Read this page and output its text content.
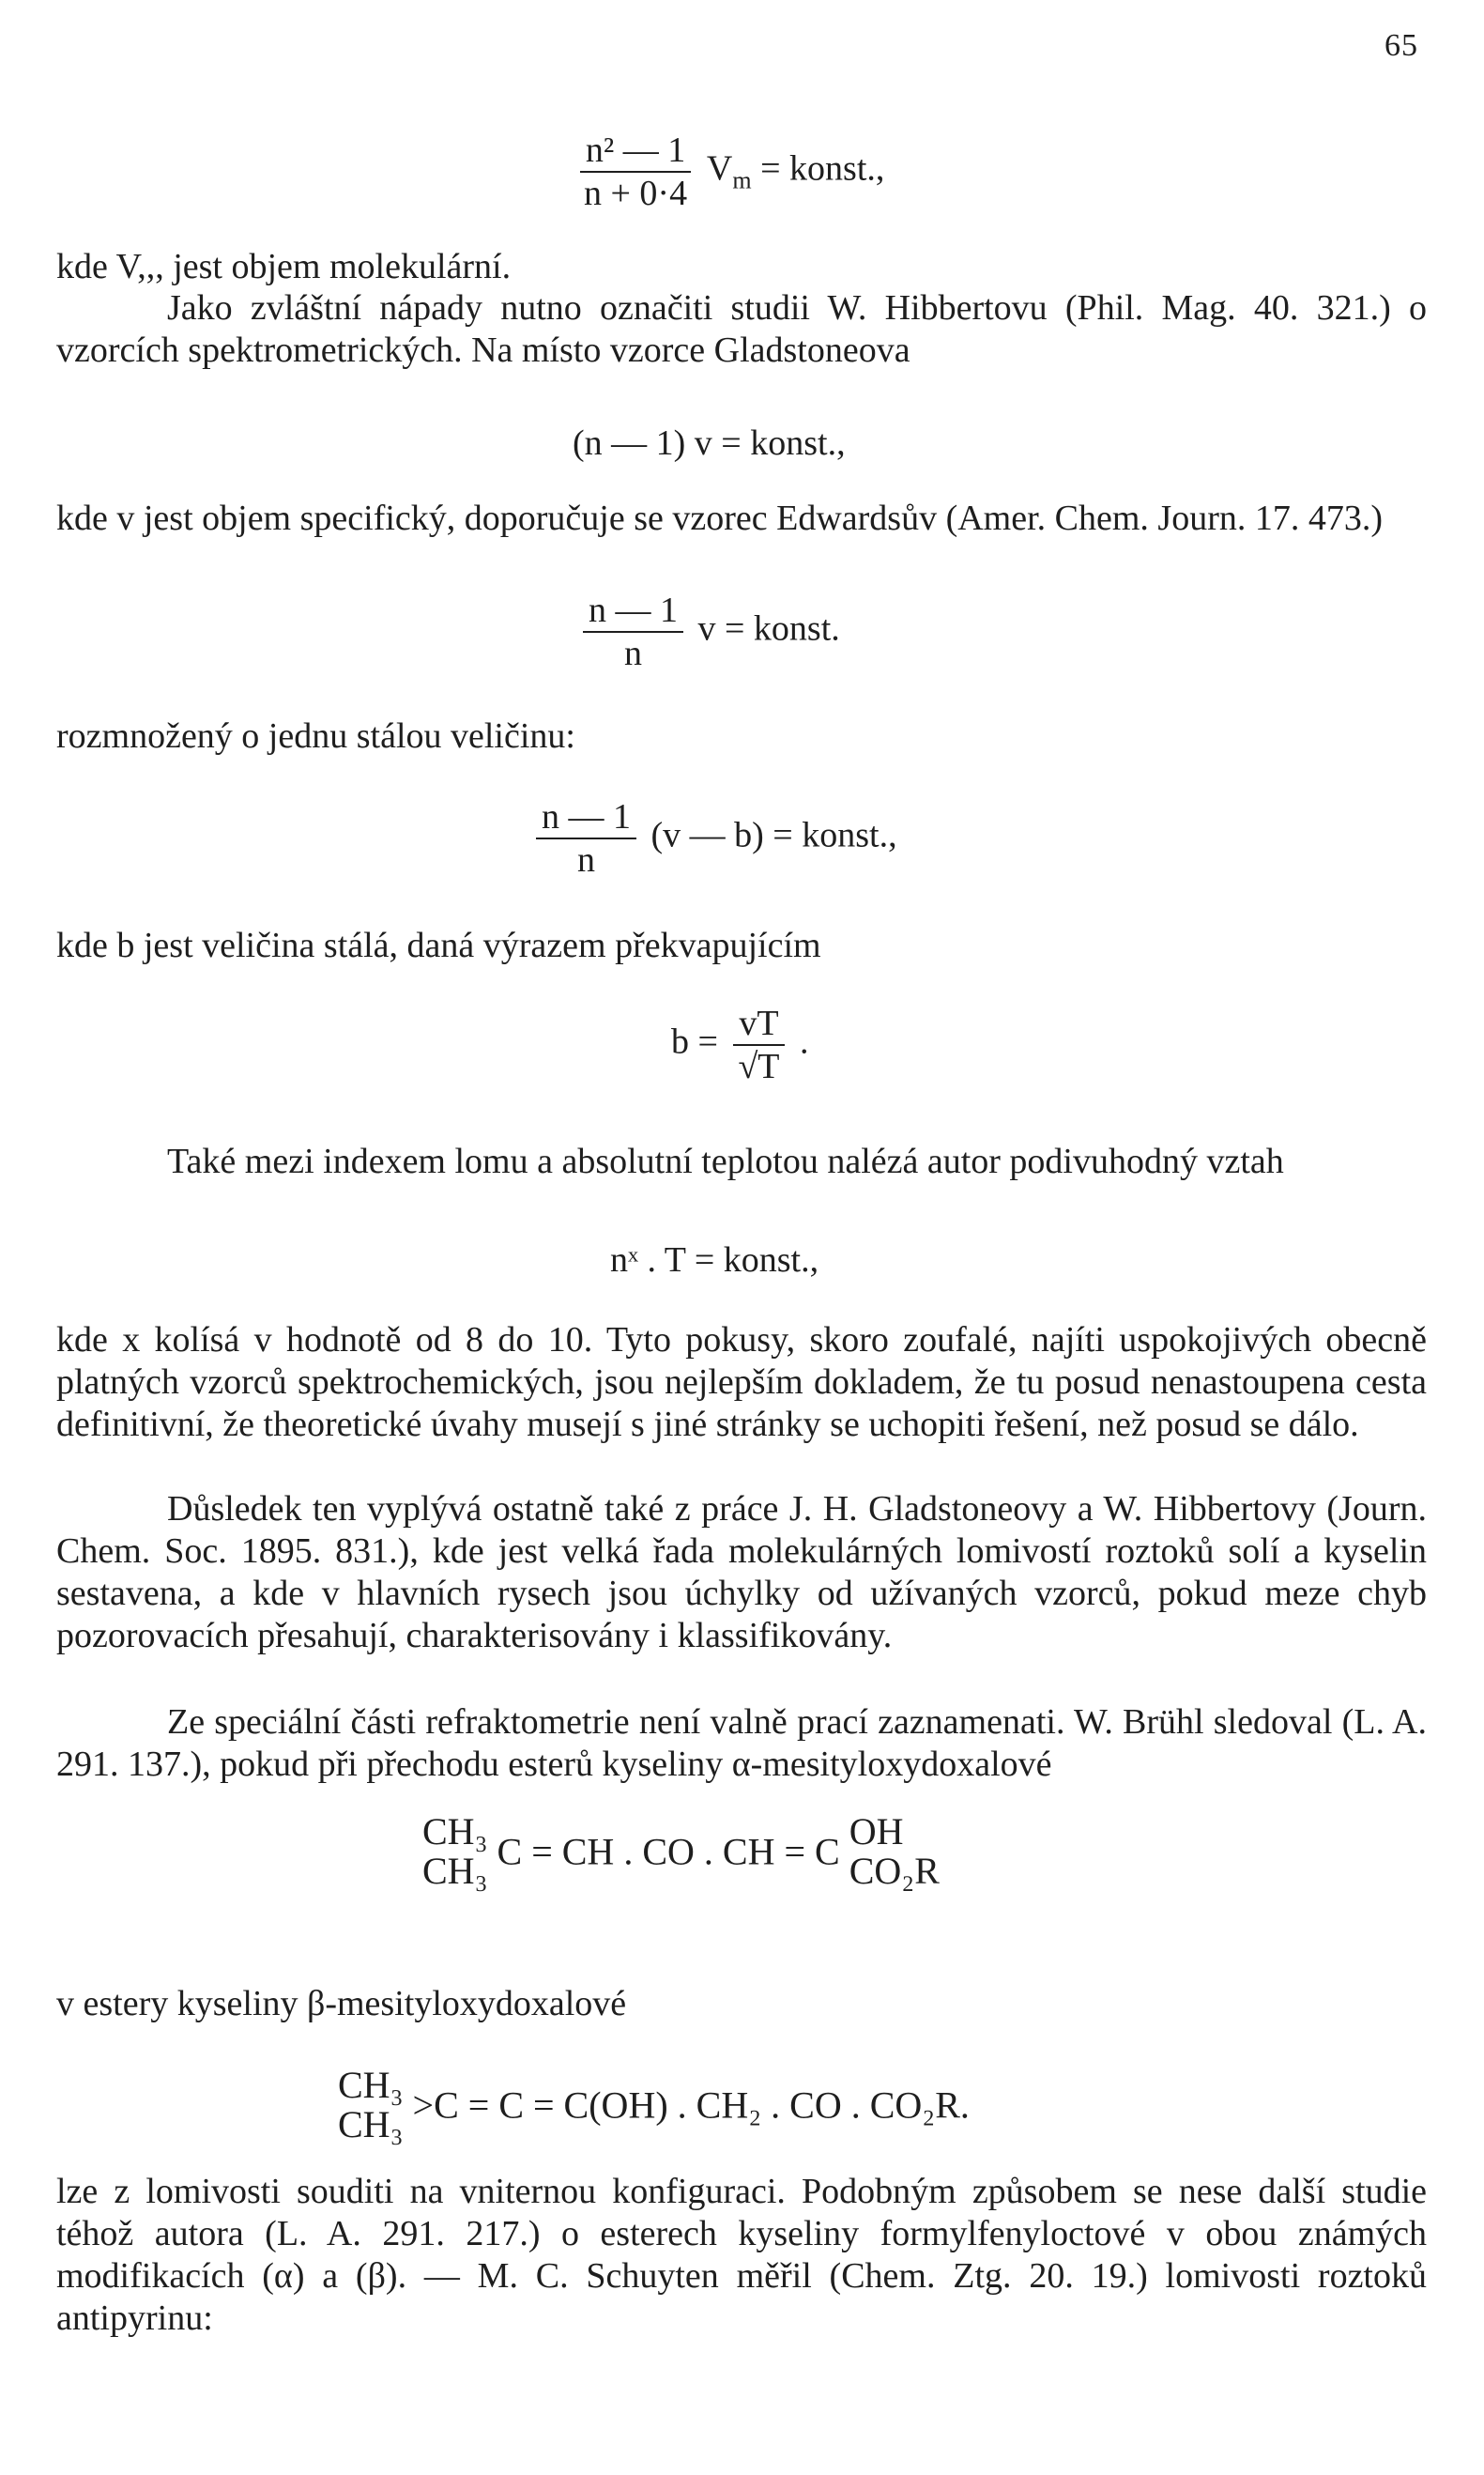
65
$\frac{\text{n² — 1}}{n + 0\cdot 4} V_m$ = konst.,

kde V,,, jest objem molekulární.

Jako zvláštní nápady nutno označiti studii W. Hibbertovu (Phil. Mag. 40. 321.) o vzorcích spektrometrických. Na místo vzorce Gladstoneova

(n — 1) v = konst.,

kde v jest objem specifický, doporučuje se vzorec Edwardsův (Amer. Chem. Journ. 17. 473.)

$\frac{n — 1}{n}$ v = konst.

rozmnožený o jednu stálou veličinu:

$\frac{n — 1}{n} (v$ — b) = konst.,

kde b jest veličina stálá, daná výrazem překvapujícím

$b = \frac{vT}{√T}$ .

Také mezi indexem lomu a absolutní teplotou nalézá autor podivuhodný vztah

nˣ . T = konst.,

kde x kolísá v hodnotě od 8 do 10. Tyto pokusy, skoro zoufalé, najíti uspokojivých obecně platných vzorců spektrochemických, jsou nejlepším dokladem, že tu posud nenastoupena cesta definitivní, že theoretické úvahy musejí s jiné stránky se uchopiti řešení, než posud se dálo.

Důsledek ten vyplývá ostatně také z práce J. H. Gladstoneovy a W. Hibbertovy (Journ. Chem. Soc. 1895. 831.), kde jest velká řada molekulárných lomivostí roztoků solí a kyselin sestavena, a kde v hlavních rysech jsou úchylky od užívaných vzorců, pokud meze chyb pozorovacích přesahují, charakterisovány i klassifikovány.

Ze speciální části refraktometrie není valně prací zaznamenati. W. Brühl sledoval (L. A. 291. 137.), pokud při přechodu esterů kyseliny α-mesityloxydoxalové

CH₃
CH₃ C = CH . CO . CH = C OH
CO₂R

v estery kyseliny β-mesityloxydoxalové

CH₃
CH₃ >C = C = C(OH) . CH₂ . CO . CO₂R.

lze z lomivosti souditi na vniternou konfiguraci. Podobným způsobem se nese další studie téhož autora (L. A. 291. 217.) o esterech kyseliny formylfenyloctové v obou známých modifikacích (α) a (β). — M. C. Schuyten měřil (Chem. Ztg. 20. 19.) lomivosti roztoků antipyrinu:
